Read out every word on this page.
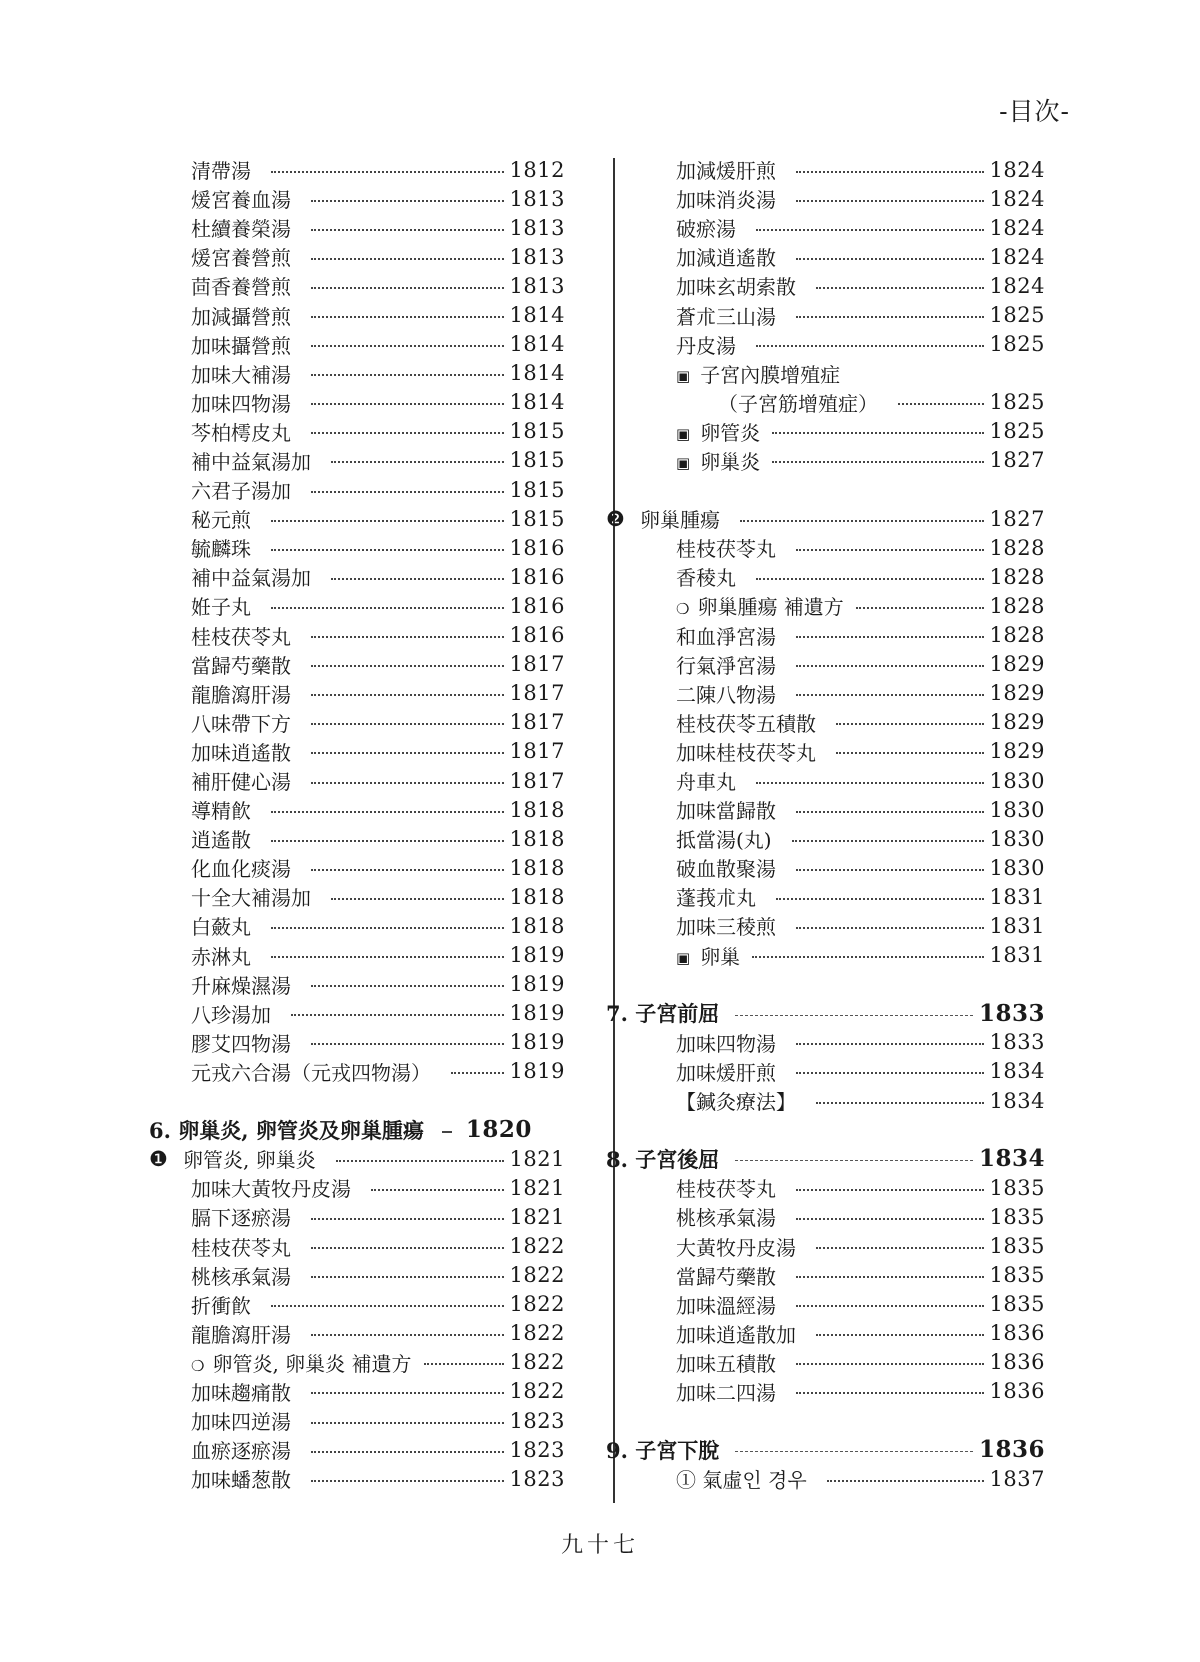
-目次-
清帶湯	1812
煖宮養血湯	1813
杜續養榮湯	1813
煖宮養營煎	1813
茴香養營煎	1813
加減攝營煎	1814
加味攝營煎	1814
加味大補湯	1814
加味四物湯	1814
芩柏樗皮丸	1815
補中益氣湯加	1815
六君子湯加	1815
秘元煎	1815
毓麟珠	1816
補中益氣湯加	1816
姙子丸	1816
桂枝茯苓丸	1816
當歸芍藥散	1817
龍膽瀉肝湯	1817
八味帶下方	1817
加味逍遙散	1817
補肝健心湯	1817
導精飮	1818
逍遙散	1818
化血化痰湯	1818
十全大補湯加	1818
白蘞丸	1818
赤淋丸	1819
升麻燥濕湯	1819
八珍湯加	1819
膠艾四物湯	1819
元戎六合湯（元戎四物湯）	1819
6. 卵巢炎, 卵管炎及卵巢腫瘍 1820
❶ 卵管炎, 卵巢炎	1821
加味大黃牧丹皮湯	1821
膈下逐瘀湯	1821
桂枝茯苓丸	1822
桃核承氣湯	1822
折衝飮	1822
龍膽瀉肝湯	1822
❍ 卵管炎, 卵巢炎 補遺方	1822
加味趨痛散	1822
加味四逆湯	1823
血瘀逐瘀湯	1823
加味蟠葱散	1823
加減煖肝煎	1824
加味消炎湯	1824
破瘀湯	1824
加減逍遙散	1824
加味玄胡索散	1824
蒼朮三山湯	1825
丹皮湯	1825
▣ 子宮內膜增殖症
（子宮筋增殖症）	1825
▣ 卵管炎	1825
▣ 卵巢炎	1827
❷ 卵巢腫瘍	1827
桂枝茯苓丸	1828
香稜丸	1828
❍ 卵巢腫瘍 補遺方	1828
和血淨宮湯	1828
行氣淨宮湯	1829
二陳八物湯	1829
桂枝茯苓五積散	1829
加味桂枝茯苓丸	1829
舟車丸	1830
加味當歸散	1830
抵當湯(丸)	1830
破血散聚湯	1830
蓬莪朮丸	1831
加味三稜煎	1831
▣ 卵巢	1831
7. 子宮前屈	1833
加味四物湯	1833
加味煖肝煎	1834
【鍼灸療法】	1834
8. 子宮後屈	1834
桂枝茯苓丸	1835
桃核承氣湯	1835
大黃牧丹皮湯	1835
當歸芍藥散	1835
加味溫經湯	1835
加味逍遙散加	1836
加味五積散	1836
加味二四湯	1836
9. 子宮下脫	1836
① 氣虛인 경우	1837
九十七
